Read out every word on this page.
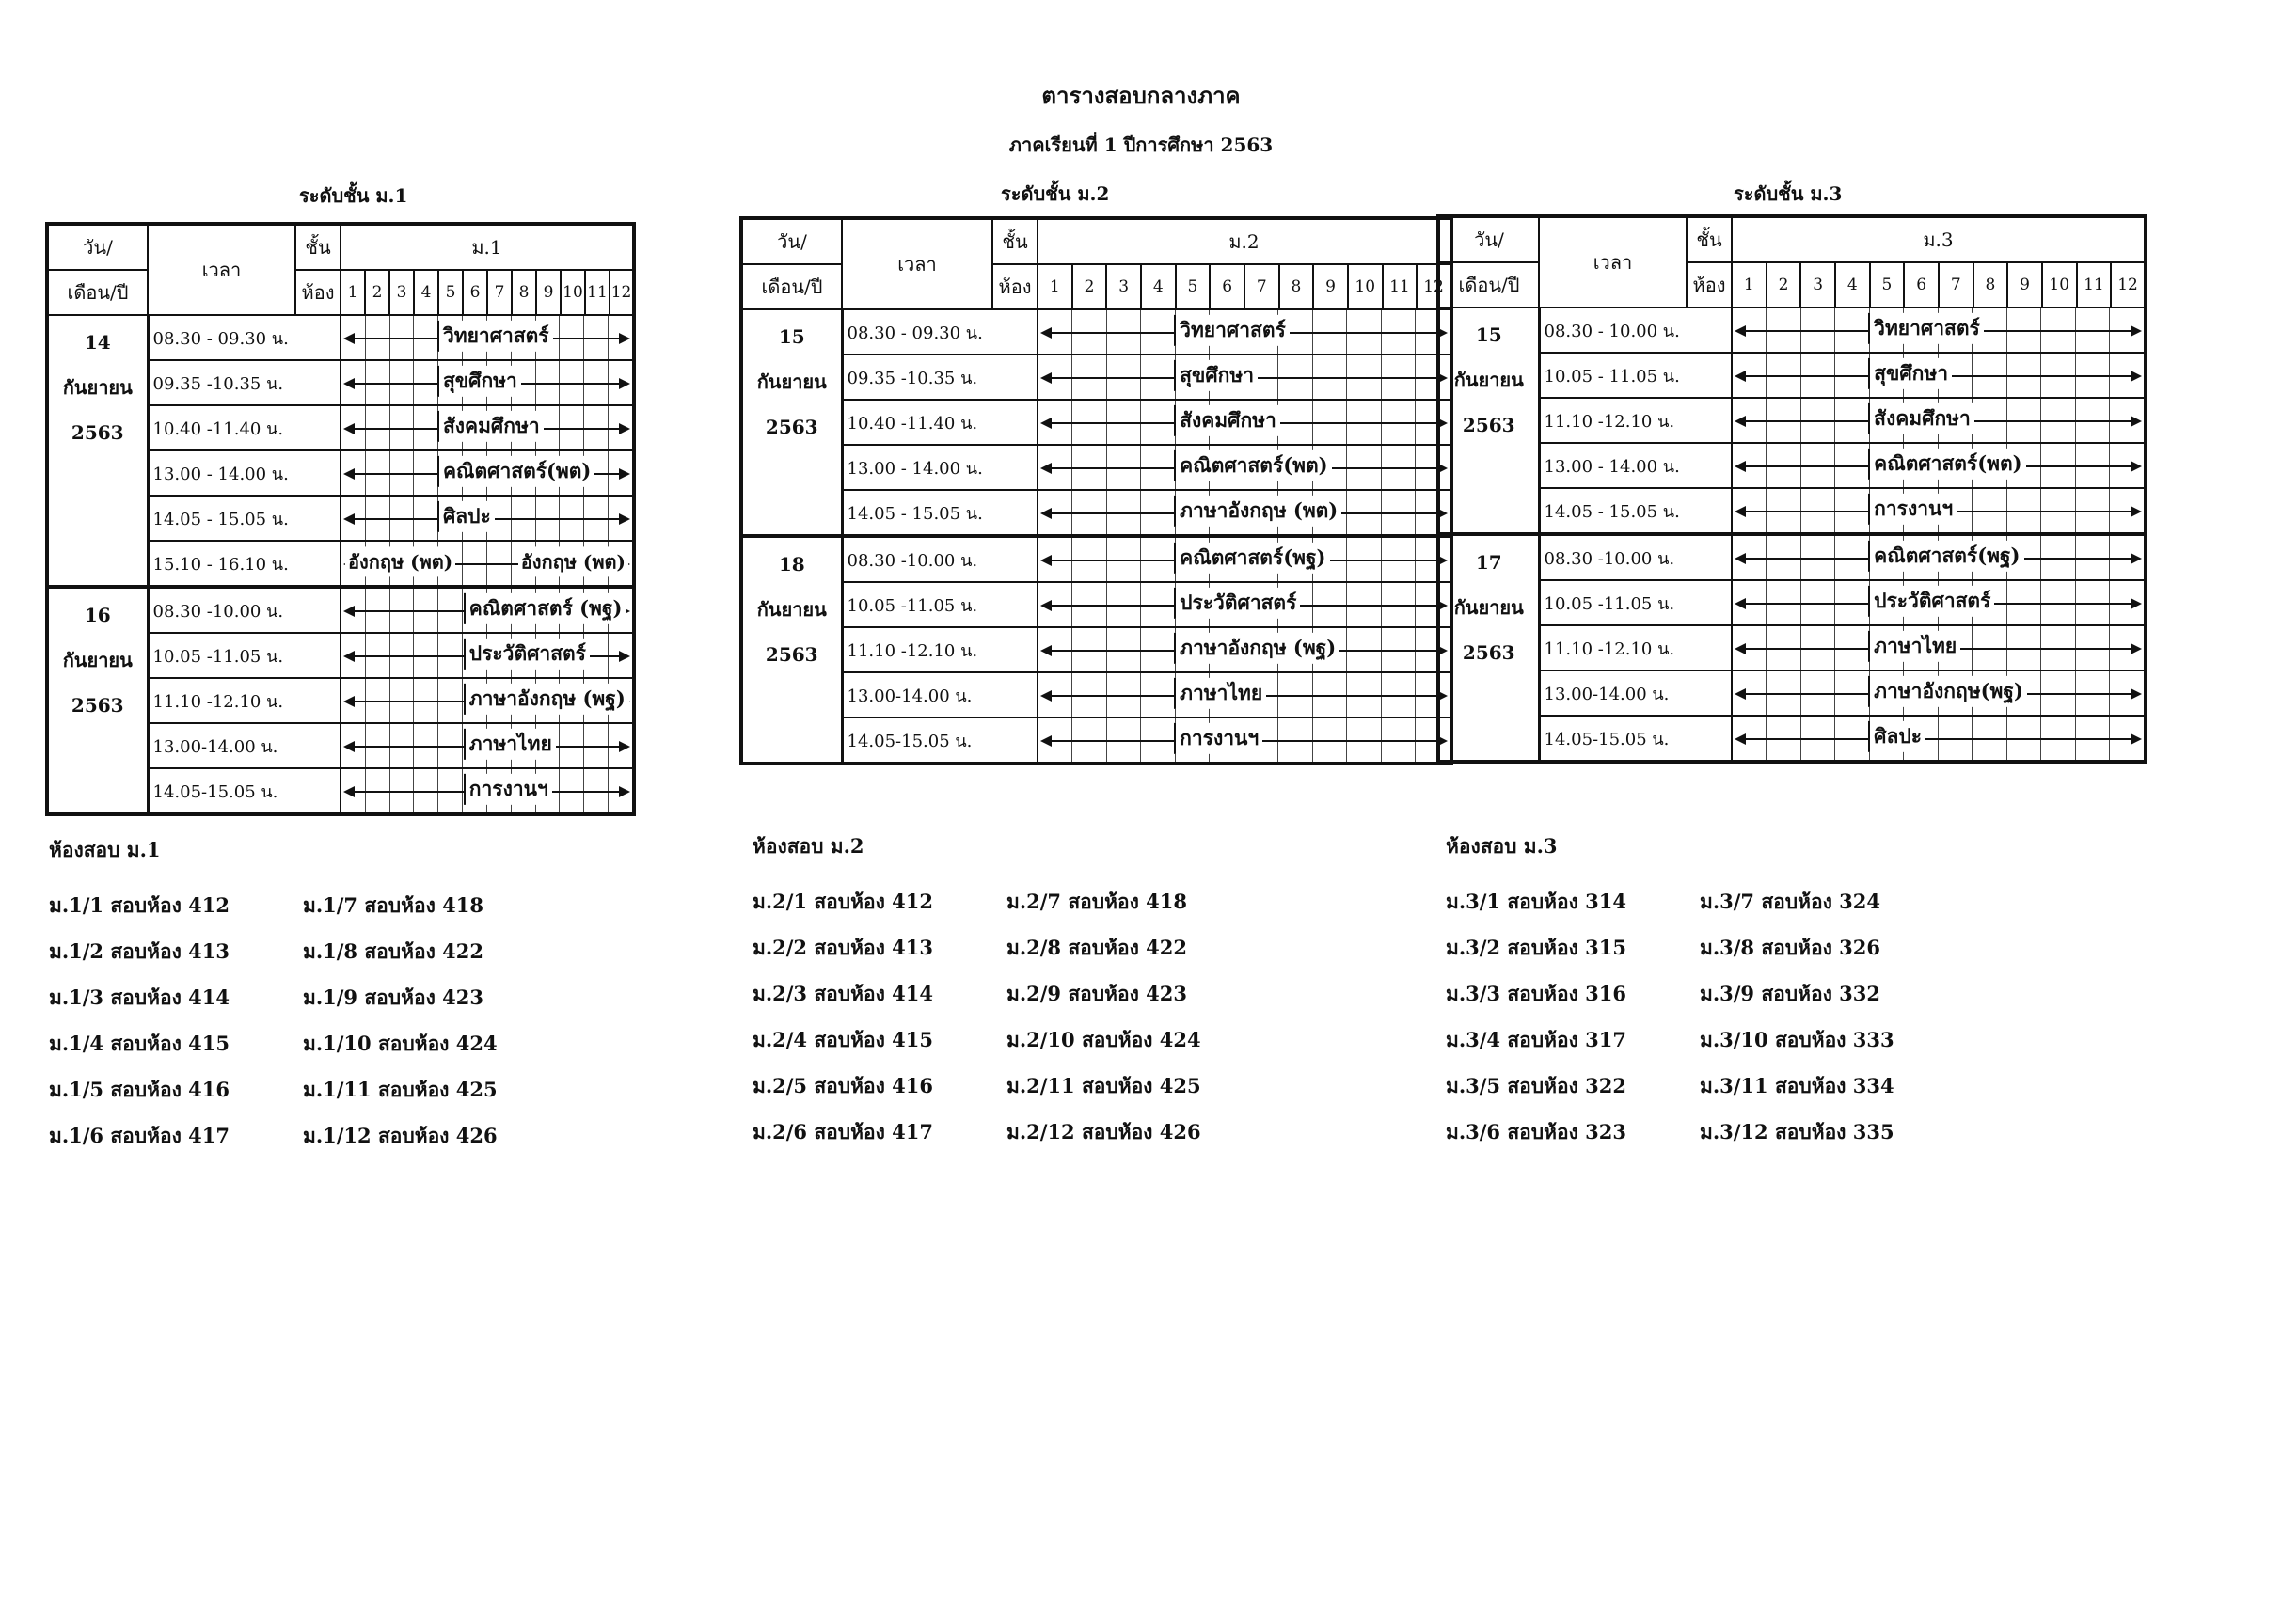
ตารางสอบกลางภาค
ภาคเรียนที่ 1 ปีการศึกษา 2563
ระดับชั้น ม.1	ระดับชั้น ม.2	ระดับชั้น ม.3
วัน/	เวลา	ชั้น	ม.1											
เดือน/ปี		ห้อง	1	2	3	4	5	6	7	8	9	10	11	12

14
กันยายน
2563	08.30 - 09.30 น.		วิทยาศาสตร์											

	09.35 -10.35 น.		สุขศึกษา											

	10.40 -11.40 น.		สังคมศึกษา											

	13.00 - 14.00 น.		คณิตศาสตร์(พต)											

	14.05 - 15.05 น.		ศิลปะ											

	15.10 - 16.10 น.		อังกฤษ (พต) อังกฤษ (พต)											

16
กันยายน
2563	08.30 -10.00 น.		คณิตศาสตร์ (พฐ)											

	10.05 -11.05 น.		ประวัติศาสตร์											

	11.10 -12.10 น.		ภาษาอังกฤษ (พฐ)											

	13.00-14.00 น.		ภาษาไทย											

	14.05-15.05 น.		การงานฯ											
วัน/	เวลา	ชั้น	ม.2											
เดือน/ปี		ห้อง	1	2	3	4	5	6	7	8	9	10	11	12

15
กันยายน
2563	08.30 - 09.30 น.		วิทยาศาสตร์											

	09.35 -10.35 น.		สุขศึกษา											

	10.40 -11.40 น.		สังคมศึกษา											

	13.00 - 14.00 น.		คณิตศาสตร์(พต)											

	14.05 - 15.05 น.		ภาษาอังกฤษ (พต)											

18
กันยายน
2563	08.30 -10.00 น.		คณิตศาสตร์(พฐ)											

	10.05 -11.05 น.		ประวัติศาสตร์											

	11.10 -12.10 น.		ภาษาอังกฤษ (พฐ)											

	13.00-14.00 น.		ภาษาไทย											

	14.05-15.05 น.		การงานฯ											
วัน/	เวลา	ชั้น	ม.3											
เดือน/ปี		ห้อง	1	2	3	4	5	6	7	8	9	10	11	12

15
กันยายน
2563	08.30 - 10.00 น.		วิทยาศาสตร์											

	10.05 - 11.05 น.		สุขศึกษา											

	11.10 -12.10 น.		สังคมศึกษา											

	13.00 - 14.00 น.		คณิตศาสตร์(พต)											

	14.05 - 15.05 น.		การงานฯ											

17
กันยายน
2563	08.30 -10.00 น.		คณิตศาสตร์(พฐ)											

	10.05 -11.05 น.		ประวัติศาสตร์											

	11.10 -12.10 น.		ภาษาไทย											

	13.00-14.00 น.		ภาษาอังกฤษ(พฐ)											

	14.05-15.05 น.		ศิลปะ											
ห้องสอบ ม.1
ม.1/1 สอบห้อง 412	ม.1/7 สอบห้อง 418
ม.1/2 สอบห้อง 413	ม.1/8 สอบห้อง 422
ม.1/3 สอบห้อง 414	ม.1/9 สอบห้อง 423
ม.1/4 สอบห้อง 415	ม.1/10 สอบห้อง 424
ม.1/5 สอบห้อง 416	ม.1/11 สอบห้อง 425
ม.1/6 สอบห้อง 417	ม.1/12 สอบห้อง 426
ห้องสอบ ม.2
ม.2/1 สอบห้อง 412	ม.2/7 สอบห้อง 418
ม.2/2 สอบห้อง 413	ม.2/8 สอบห้อง 422
ม.2/3 สอบห้อง 414	ม.2/9 สอบห้อง 423
ม.2/4 สอบห้อง 415	ม.2/10 สอบห้อง 424
ม.2/5 สอบห้อง 416	ม.2/11 สอบห้อง 425
ม.2/6 สอบห้อง 417	ม.2/12 สอบห้อง 426
ห้องสอบ ม.3
ม.3/1 สอบห้อง 314	ม.3/7 สอบห้อง 324
ม.3/2 สอบห้อง 315	ม.3/8 สอบห้อง 326
ม.3/3 สอบห้อง 316	ม.3/9 สอบห้อง 332
ม.3/4 สอบห้อง 317	ม.3/10 สอบห้อง 333
ม.3/5 สอบห้อง 322	ม.3/11 สอบห้อง 334
ม.3/6 สอบห้อง 323	ม.3/12 สอบห้อง 335
